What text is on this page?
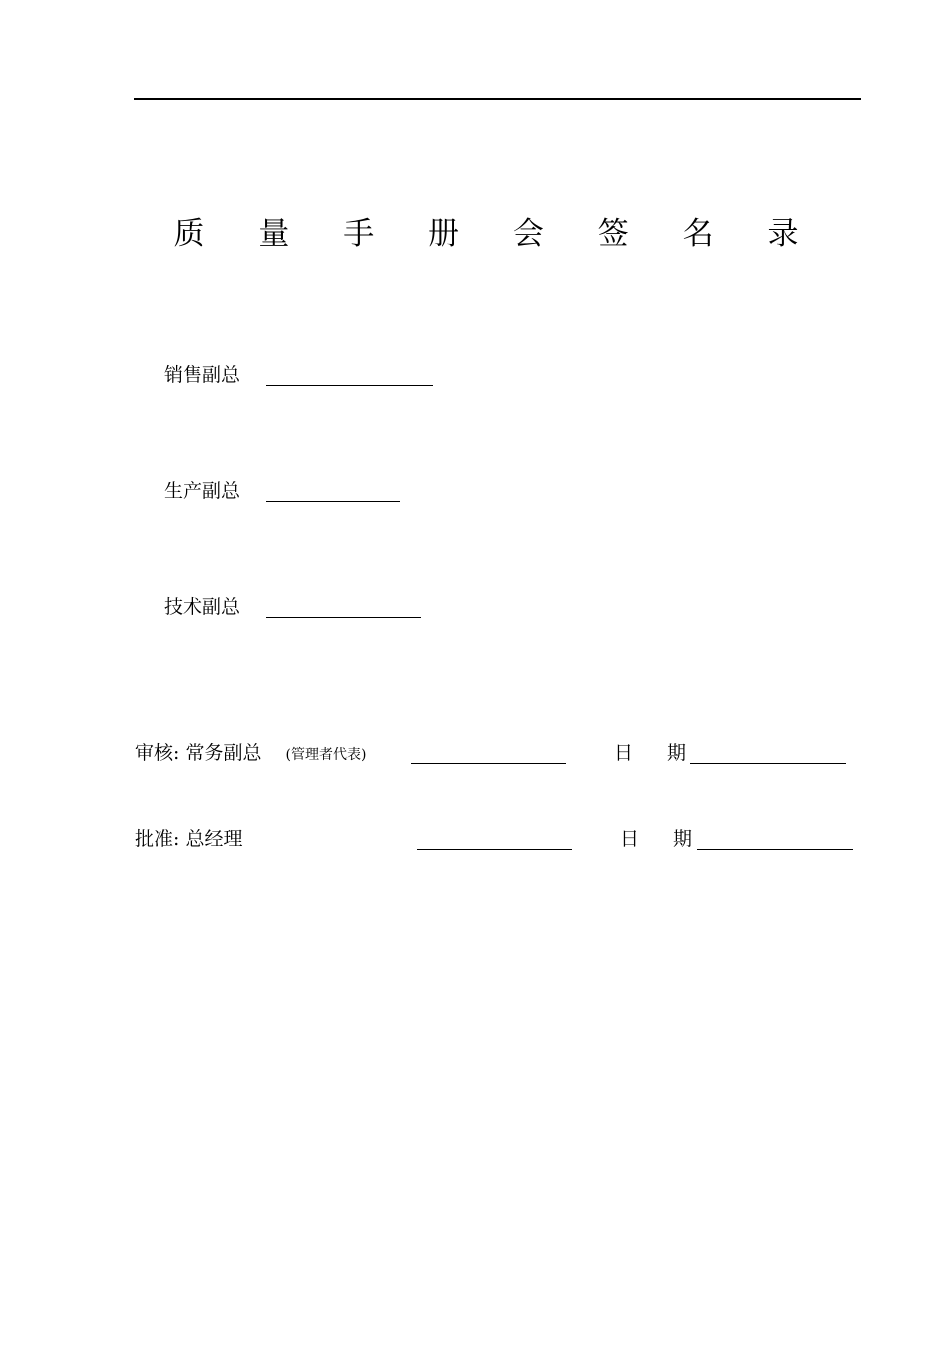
质 量 手 册 会 签 名 录
销售副总
生产副总
技术副总
审核: 常务副总 (管理者代表)	日 期
批准: 总经理	日 期
